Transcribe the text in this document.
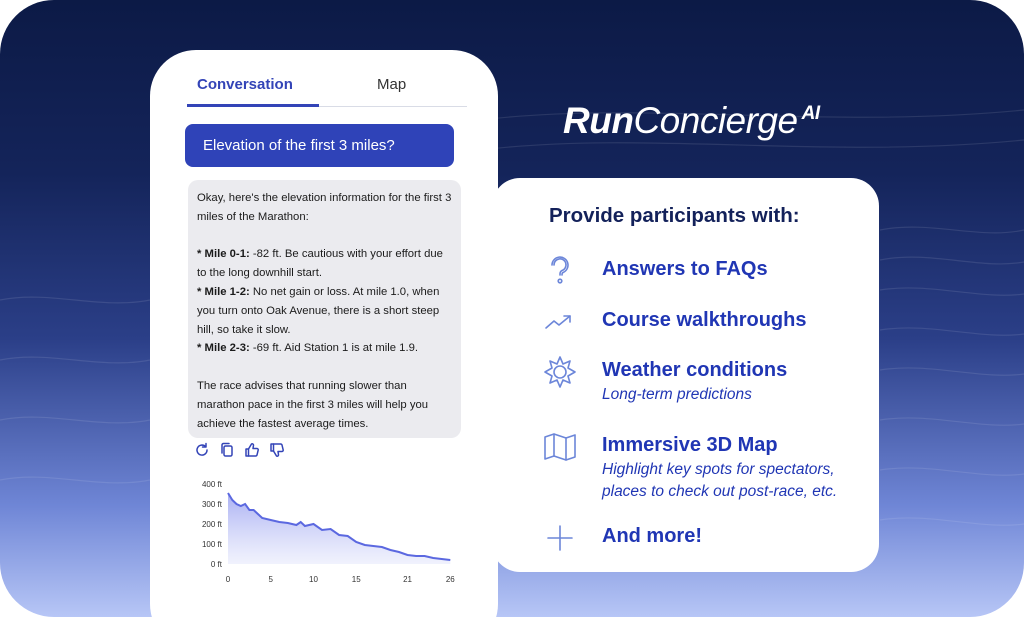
Conversation	Map
Elevation of the first 3 miles?

Okay, here's the elevation information for the first 3 miles of the Marathon:

* Mile 0-1: -82 ft. Be cautious with your effort due to the long downhill start.

* Mile 1-2: No net gain or loss. At mile 1.0, when you turn onto Oak Avenue, there is a short steep hill, so take it slow.

* Mile 2-3: -69 ft. Aid Station 1 is at mile 1.9.

The race advises that running slower than marathon pace in the first 3 miles will help you achieve the fastest average times.

0 ft
100 ft
200 ft
300 ft
400 ft
0	5	10	15	21	26
RunConcierge $^{AI}$
Provide participants with:
Answers to FAQs
Course walkthroughs
Weather conditions
Long-term predictions
Immersive 3D Map
Highlight key spots for spectators,
places to check out post-race, etc.
And more!
